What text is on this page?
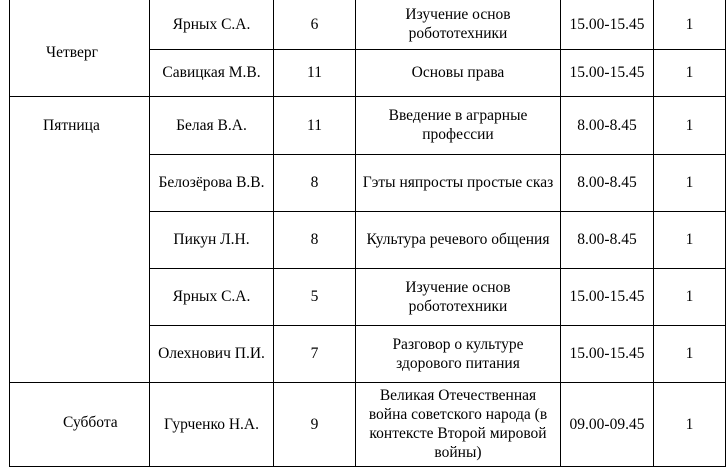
Четверг	Ярных С.А.	6	Изучение основ робототехники	15.00-15.45	1
	Савицкая М.В.	11	Основы права	15.00-15.45	1

Пятница	Белая В.А.	11	Введение в аграрные профессии	8.00-8.45	1
	Белозёрова В.В.	8	Гэты няпросты простые сказ	8.00-8.45	1
	Пикун Л.Н.	8	Культура речевого общения	8.00-8.45	1
	Ярных С.А.	5	Изучение основ робототехники	15.00-15.45	1
	Олехнович П.И.	7	Разговор о культуре здорового питания	15.00-15.45	1

Суббота	Гурченко Н.А.	9	Великая Отечественная война советского народа (в контексте Второй мировой войны)	09.00-09.45	1
